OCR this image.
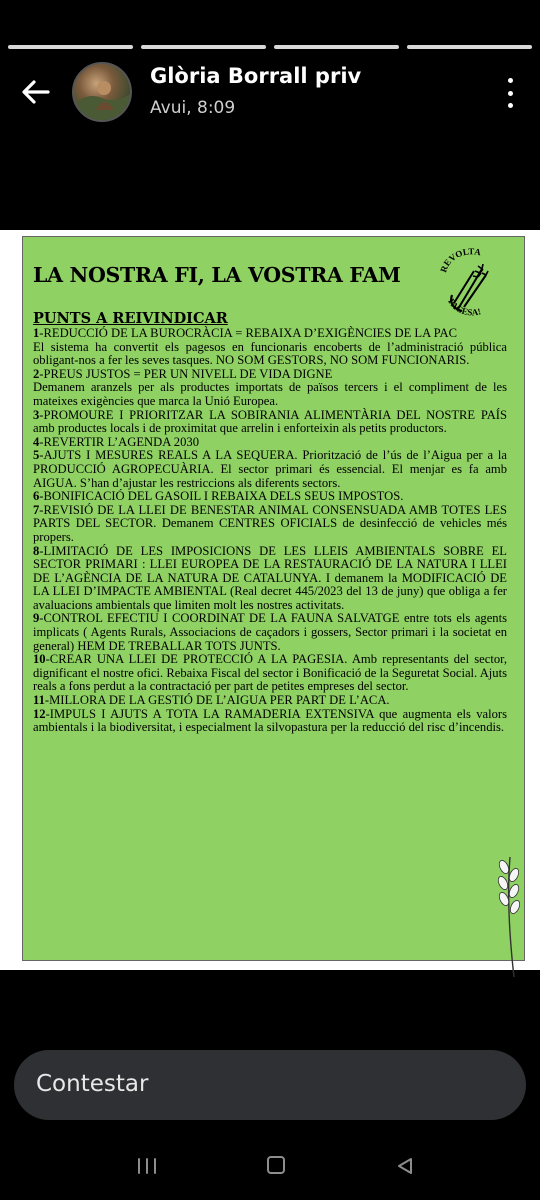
Glòria Borrall priv
Avui, 8:09
LA NOSTRA FI, LA VOSTRA FAM	REVOLTA
PAGESA!
PUNTS A REIVINDICAR

1-REDUCCIÓ DE LA BUROCRÀCIA = REBAIXA D’EXIGÈNCIES DE LA PAC

El sistema ha convertit els pagesos en funcionaris encoberts de l’administració pública obligant-nos a fer les seves tasques. NO SOM GESTORS, NO SOM FUNCIONARIS.

2-PREUS JUSTOS = PER UN NIVELL DE VIDA DIGNE

Demanem aranzels per als productes importats de països tercers i el compliment de les mateixes exigències que marca la Unió Europea.

3-PROMOURE I PRIORITZAR LA SOBIRANIA ALIMENTÀRIA DEL NOSTRE PAÍS amb productes locals i de proximitat que arrelin i enforteixin als petits productors.

4-REVERTIR L’AGENDA 2030

5-AJUTS I MESURES REALS A LA SEQUERA. Priorització de l’ús de l’Aigua per a la PRODUCCIÓ AGROPECUÀRIA. El sector primari és essencial. El menjar es fa amb AIGUA. S’han d’ajustar les restriccions als diferents sectors.

6-BONIFICACIÓ DEL GASOIL I REBAIXA DELS SEUS IMPOSTOS.

7-REVISIÓ DE LA LLEI DE BENESTAR ANIMAL CONSENSUADA AMB TOTES LES PARTS DEL SECTOR. Demanem CENTRES OFICIALS de desinfecció de vehicles més propers.

8-LIMITACIÓ DE LES IMPOSICIONS DE LES LLEIS AMBIENTALS SOBRE EL SECTOR PRIMARI : LLEI EUROPEA DE LA RESTAURACIÓ DE LA NATURA I LLEI DE L’AGÈNCIA DE LA NATURA DE CATALUNYA. I demanem la MODIFICACIÓ DE LA LLEI D’IMPACTE AMBIENTAL (Real decret 445/2023 del 13 de juny) que obliga a fer avaluacions ambientals que limiten molt les nostres activitats.

9-CONTROL EFECTIU I COORDINAT DE LA FAUNA SALVATGE entre tots els agents implicats ( Agents Rurals, Associacions de caçadors i gossers, Sector primari i la societat en general) HEM DE TREBALLAR TOTS JUNTS.

10-CREAR UNA LLEI DE PROTECCIÓ A LA PAGESIA. Amb representants del sector, dignificant el nostre ofici. Rebaixa Fiscal del sector i Bonificació de la Seguretat Social. Ajuts reals a fons perdut a la contractació per part de petites empreses del sector.

11-MILLORA DE LA GESTIÓ DE L’AIGUA PER PART DE L’ACA.

12-IMPULS I AJUTS A TOTA LA RAMADERIA EXTENSIVA que augmenta els valors ambientals i la biodiversitat, i especialment la silvopastura per la reducció del risc d’incendis.

Contestar
